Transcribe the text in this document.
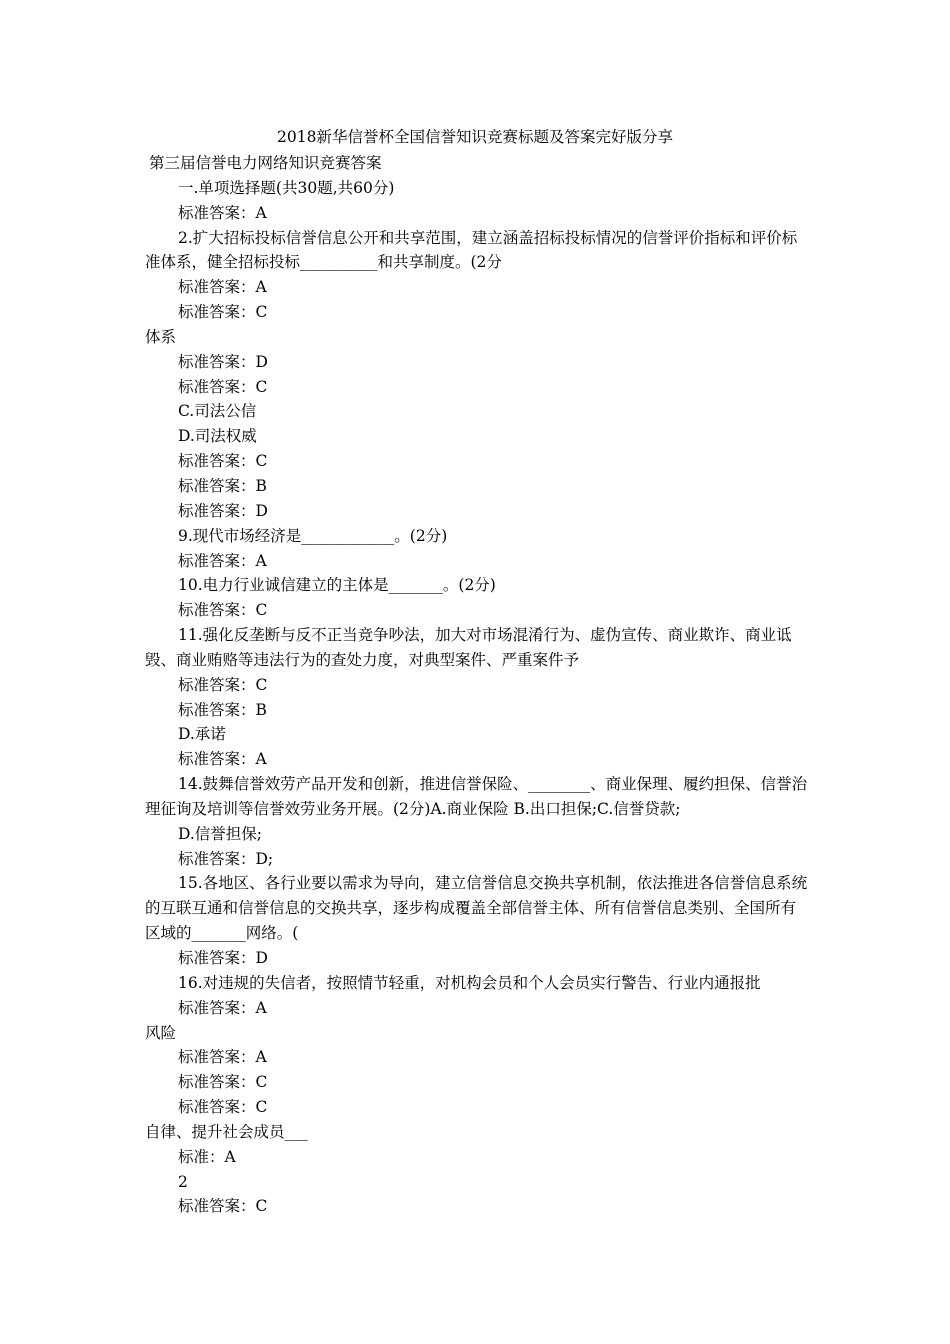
2018新华信誉杯全国信誉知识竞赛标题及答案完好版分享
第三届信誉电力网络知识竞赛答案
一.单项选择题(共30题,共60分)
标准答案：A
2.扩大招标投标信誉信息公开和共享范围，建立涵盖招标投标情况的信誉评价指标和评价标准体系，健全招标投标__________和共享制度。(2分
标准答案：A
标准答案：C
体系
标准答案：D
标准答案：C
C.司法公信
D.司法权威
标准答案：C
标准答案：B
标准答案：D
9.现代市场经济是____________。(2分)
标准答案：A
10.电力行业诚信建立的主体是_______。(2分)
标准答案：C
11.强化反垄断与反不正当竞争吵法，加大对市场混淆行为、虚伪宣传、商业欺诈、商业诋毁、商业贿赂等违法行为的查处力度，对典型案件、严重案件予
标准答案：C
标准答案：B
D.承诺
标准答案：A
14.鼓舞信誉效劳产品开发和创新，推进信誉保险、________、商业保理、履约担保、信誉治理征询及培训等信誉效劳业务开展。(2分)A.商业保险 B.出口担保;C.信誉贷款;
D.信誉担保;
标准答案：D;
15.各地区、各行业要以需求为导向，建立信誉信息交换共享机制，依法推进各信誉信息系统的互联互通和信誉信息的交换共享，逐步构成覆盖全部信誉主体、所有信誉信息类别、全国所有区域的_______网络。(
标准答案：D
16.对违规的失信者，按照情节轻重，对机构会员和个人会员实行警告、行业内通报批
标准答案：A
风险
标准答案：A
标准答案：C
标准答案：C
自律、提升社会成员___
标准：A
2
标准答案：C
